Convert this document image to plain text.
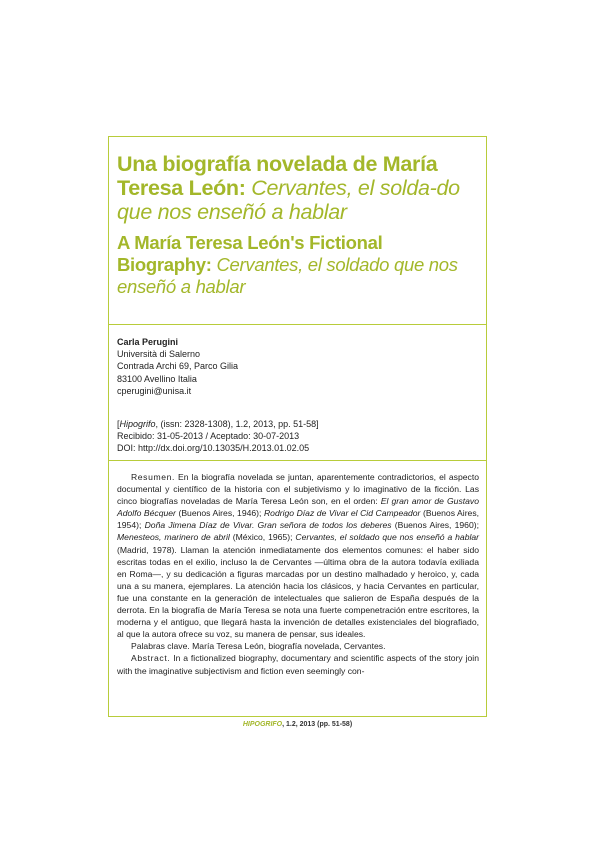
Una biografía novelada de María Teresa León: Cervantes, el solda-do que nos enseñó a hablar
A María Teresa León's Fictional Biography: Cervantes, el soldado que nos enseñó a hablar
Carla Perugini
Università di Salerno
Contrada Archi 69, Parco Gilia
83100 Avellino Italia
cperugini@unisa.it
[Hipogrifo, (issn: 2328-1308), 1.2, 2013, pp. 51-58]
Recibido: 31-05-2013 / Aceptado: 30-07-2013
DOI: http://dx.doi.org/10.13035/H.2013.01.02.05

Resumen. En la biografía novelada se juntan, aparentemente contradictorios, el aspecto documental y científico de la historia con el subjetivismo y lo imaginativo de la ficción. Las cinco biografías noveladas de María Teresa León son, en el orden: El gran amor de Gustavo Adolfo Bécquer (Buenos Aires, 1946); Rodrigo Díaz de Vivar el Cid Campeador (Buenos Aires, 1954); Doña Jimena Díaz de Vivar. Gran señora de todos los deberes (Buenos Aires, 1960); Menesteos, marinero de abril (México, 1965); Cervantes, el soldado que nos enseñó a hablar (Madrid, 1978). Llaman la atención inmediatamente dos elementos comunes: el haber sido escritas todas en el exilio, incluso la de Cervantes —última obra de la autora todavía exiliada en Roma—, y su dedicación a figuras marcadas por un destino malhadado y heroico, y, cada una a su manera, ejemplares. La atención hacia los clásicos, y hacia Cervantes en particular, fue una constante en la generación de intelectuales que salieron de España después de la derrota. En la biografía de María Teresa se nota una fuerte compenetración entre escritores, la moderna y el antiguo, que llegará hasta la invención de detalles existenciales del biografiado, al que la autora ofrece su voz, su manera de pensar, sus ideales.

Palabras clave. María Teresa León, biografía novelada, Cervantes.

Abstract. In a fictionalized biography, documentary and scientific aspects of the story join with the imaginative subjectivism and fiction even seemingly con-

HIPOGRIFO, 1.2, 2013 (pp. 51-58)
